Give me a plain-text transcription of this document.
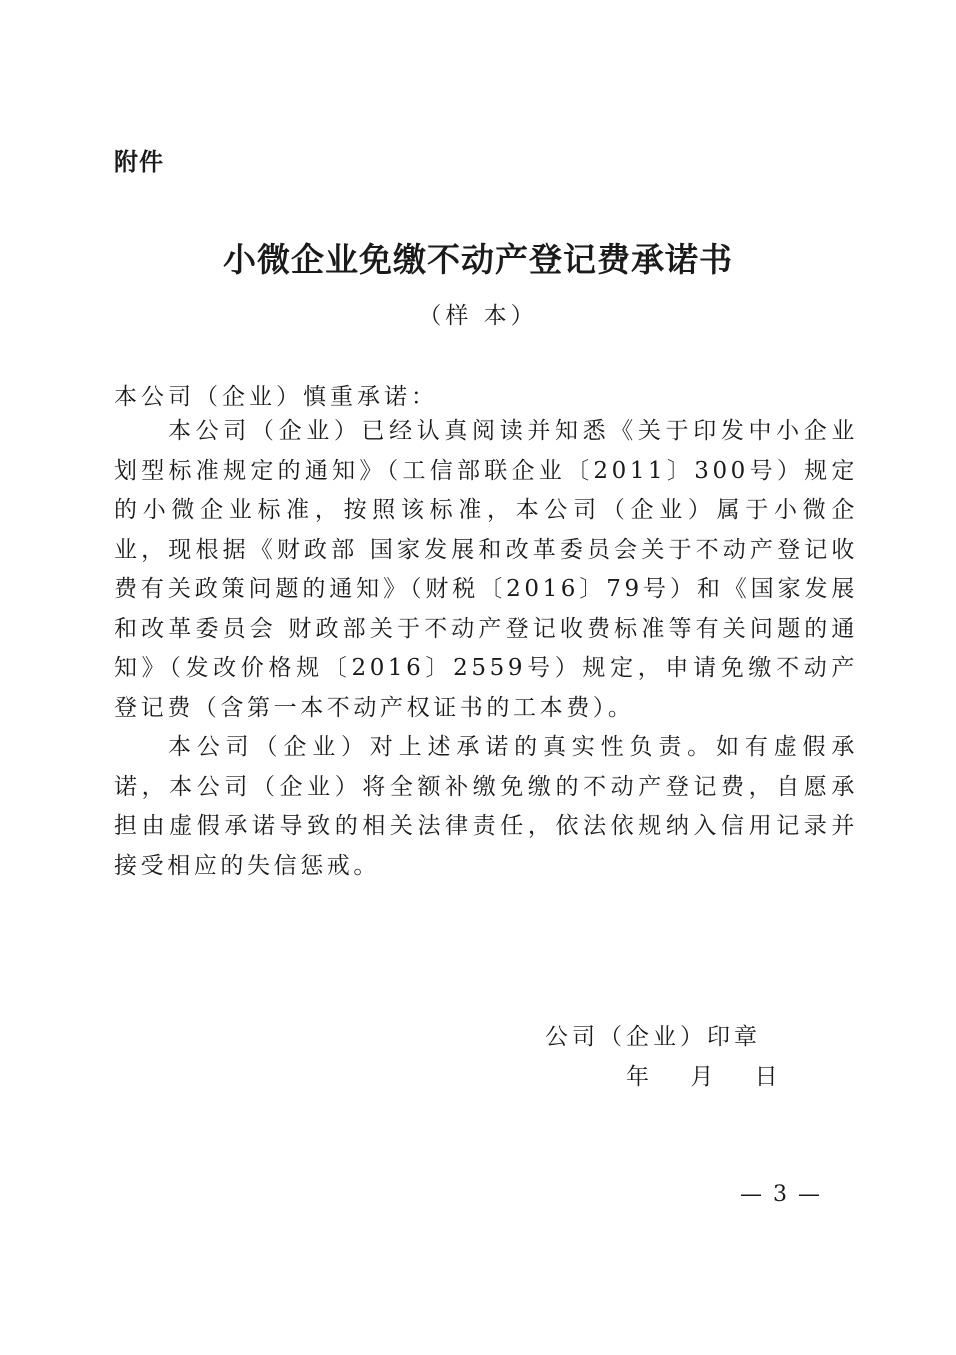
附件
小微企业免缴不动产登记费承诺书
（样 本）
本公司（企业）慎重承诺：

本公司（企业）已经认真阅读并知悉《关于印发中小企业划型标准规定的通知》（工信部联企业〔2011〕300号）规定的小微企业标准，按照该标准，本公司（企业）属于小微企业，现根据《财政部 国家发展和改革委员会关于不动产登记收费有关政策问题的通知》（财税〔2016〕79号）和《国家发展和改革委员会 财政部关于不动产登记收费标准等有关问题的通知》（发改价格规〔2016〕2559号）规定，申请免缴不动产登记费（含第一本不动产权证书的工本费）。

本公司（企业）对上述承诺的真实性负责。如有虚假承诺，本公司（企业）将全额补缴免缴的不动产登记费，自愿承担由虚假承诺导致的相关法律责任，依法依规纳入信用记录并接受相应的失信惩戒。

公司（企业）印章
年 月 日
— 3 —
